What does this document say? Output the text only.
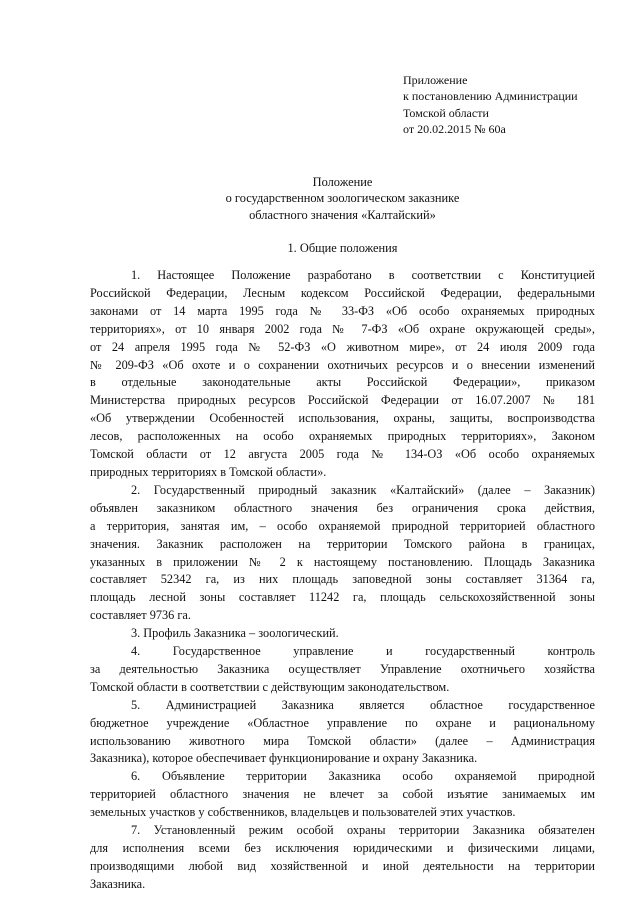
Приложение
к постановлению Администрации
Томской области
от 20.02.2015 № 60а
Положение
о государственном зоологическом заказнике
областного значения «Калтайский»
1. Общие положения
1. Настоящее Положение разработано в соответствии с Конституцией
Российской Федерации, Лесным кодексом Российской Федерации, федеральными
законами от 14 марта 1995 года № 33-ФЗ «Об особо охраняемых природных
территориях», от 10 января 2002 года № 7-ФЗ «Об охране окружающей среды»,
от 24 апреля 1995 года № 52-ФЗ «О животном мире», от 24 июля 2009 года
№ 209-ФЗ «Об охоте и о сохранении охотничьих ресурсов и о внесении изменений
в отдельные законодательные акты Российской Федерации», приказом
Министерства природных ресурсов Российской Федерации от 16.07.2007 № 181
«Об утверждении Особенностей использования, охраны, защиты, воспроизводства
лесов, расположенных на особо охраняемых природных территориях», Законом
Томской области от 12 августа 2005 года № 134-ОЗ «Об особо охраняемых
природных территориях в Томской области».
2. Государственный природный заказник «Калтайский» (далее – Заказник)
объявлен заказником областного значения без ограничения срока действия,
а территория, занятая им, – особо охраняемой природной территорией областного
значения. Заказник расположен на территории Томского района в границах,
указанных в приложении № 2 к настоящему постановлению. Площадь Заказника
составляет 52342 га, из них площадь заповедной зоны составляет 31364 га,
площадь лесной зоны составляет 11242 га, площадь сельскохозяйственной зоны
составляет 9736 га.
3. Профиль Заказника – зоологический.
4. Государственное управление и государственный контроль
за деятельностью Заказника осуществляет Управление охотничьего хозяйства
Томской области в соответствии с действующим законодательством.
5. Администрацией Заказника является областное государственное
бюджетное учреждение «Областное управление по охране и рациональному
использованию животного мира Томской области» (далее – Администрация
Заказника), которое обеспечивает функционирование и охрану Заказника.
6. Объявление территории Заказника особо охраняемой природной
территорией областного значения не влечет за собой изъятие занимаемых им
земельных участков у собственников, владельцев и пользователей этих участков.
7. Установленный режим особой охраны территории Заказника обязателен
для исполнения всеми без исключения юридическими и физическими лицами,
производящими любой вид хозяйственной и иной деятельности на территории
Заказника.
